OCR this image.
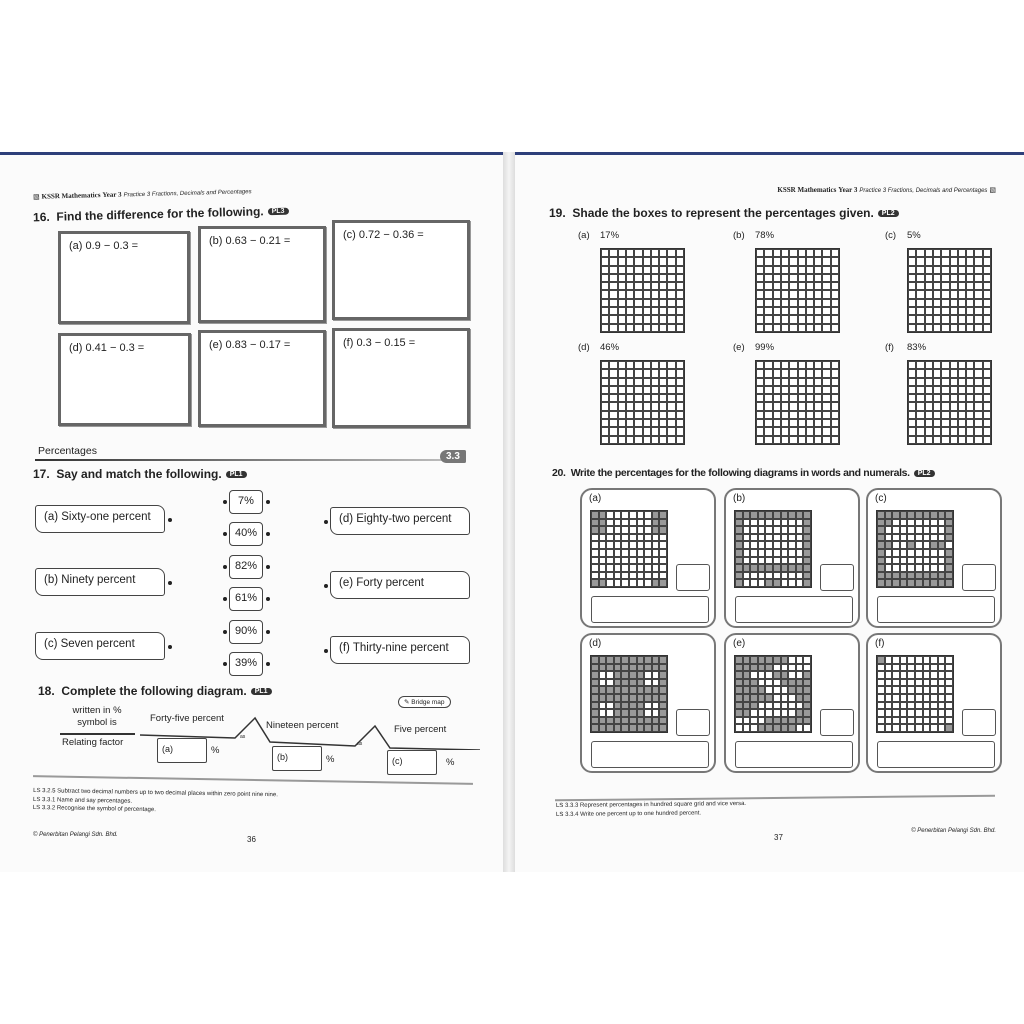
▧ KSSR Mathematics Year 3 Practice 3 Fractions, Decimals and Percentages
16. Find the difference for the following. PL3
(a) 0.9 − 0.3 =	(b) 0.63 − 0.21 =	(c) 0.72 − 0.36 =
(d) 0.41 − 0.3 =	(e) 0.83 − 0.17 =	(f) 0.3 − 0.15 =
Percentages	3.3
17. Say and match the following. PL1
(a) Sixty-one percent
(b) Ninety percent
(c) Seven percent
7%
40%
82%
61%
90%
39%
(d) Eighty-two percent
(e) Forty percent
(f) Thirty-nine percent
18. Complete the following diagram. PL1
✎ Bridge map
written in % symbol is
Relating factor
Forty-five percent
Nineteen percent	Five percent
as
as
(a)	%
(b)	%	(c)	%
LS 3.2.5 Subtract two decimal numbers up to two decimal places within zero point nine nine.
LS 3.3.1 Name and say percentages.
LS 3.3.2 Recognise the symbol of percentage.
© Penerbitan Pelangi Sdn. Bhd.	36
KSSR Mathematics Year 3 Practice 3 Fractions, Decimals and Percentages ▧
19. Shade the boxes to represent the percentages given. PL2
(a) 17%	(b) 78%	(c) 5%
(d) 46%	(e) 99%	(f) 83%
20. Write the percentages for the following diagrams in words and numerals. PL2
(a)	(b)	(c)
(d)	(e)	(f)
LS 3.3.3 Represent percentages in hundred square grid and vice versa.
LS 3.3.4 Write one percent up to one hundred percent.
37
© Penerbitan Pelangi Sdn. Bhd.
